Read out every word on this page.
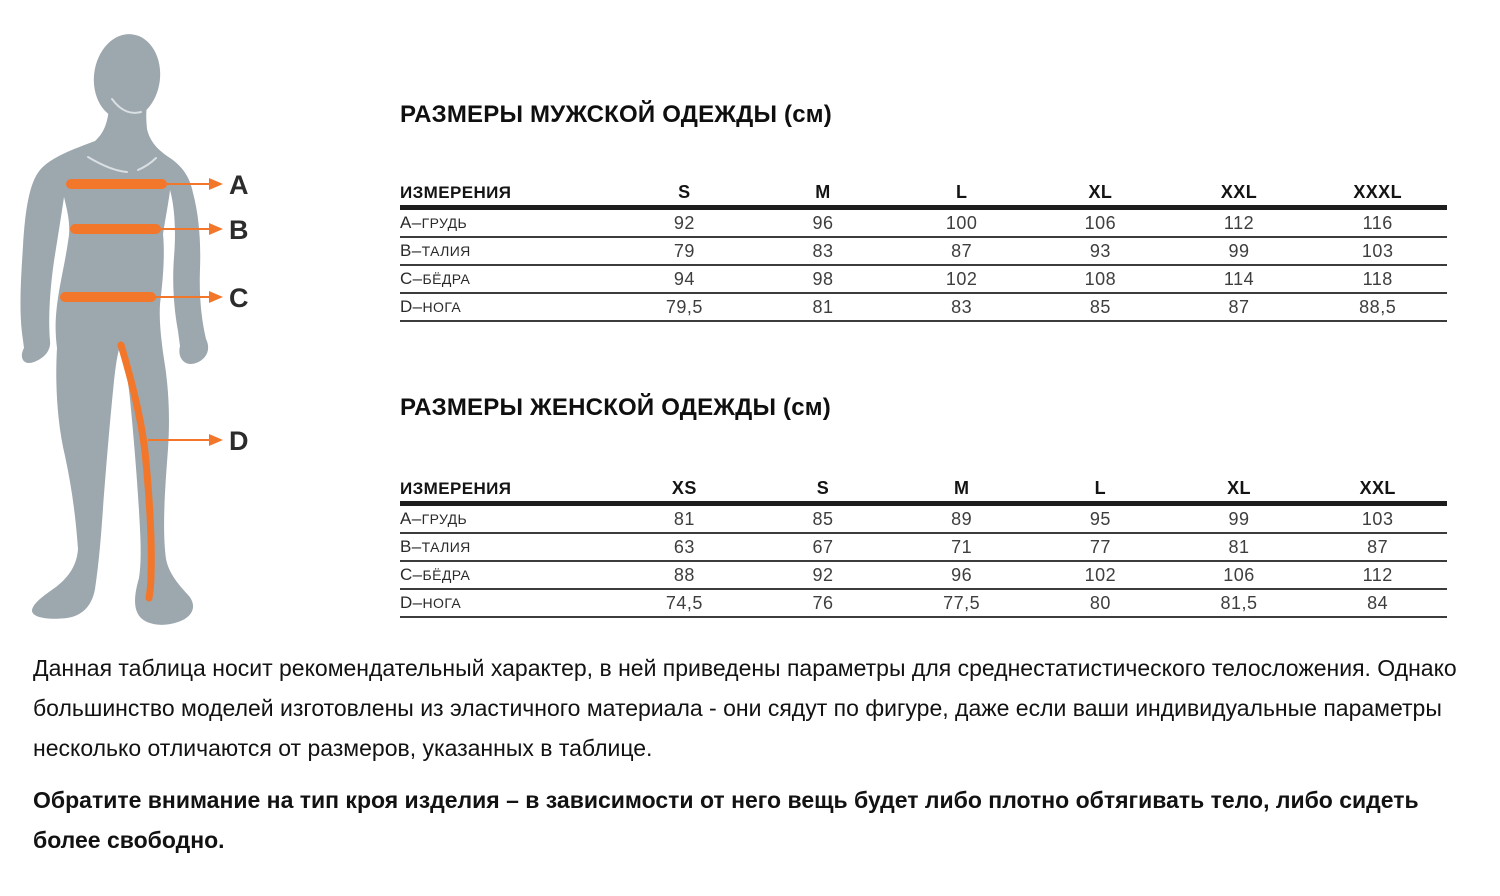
A
B
C
D
РАЗМЕРЫ МУЖСКОЙ ОДЕЖДЫ (см)
ИЗМЕРЕНИЯ	S	M	L	XL	XXL	XXXL
A–ГРУДЬ	92	96	100	106	112	116
B–ТАЛИЯ	79	83	87	93	99	103
C–БЁДРА	94	98	102	108	114	118
D–НОГА	79,5	81	83	85	87	88,5
РАЗМЕРЫ ЖЕНСКОЙ ОДЕЖДЫ (см)
ИЗМЕРЕНИЯ	XS	S	M	L	XL	XXL
A–ГРУДЬ	81	85	89	95	99	103
B–ТАЛИЯ	63	67	71	77	81	87
C–БЁДРА	88	92	96	102	106	112
D–НОГА	74,5	76	77,5	80	81,5	84

Данная таблица носит рекомендательный характер, в ней приведены параметры для среднестатистического телосложения. Однако большинство моделей изготовлены из эластичного материала - они сядут по фигуре, даже если ваши индивидуальные параметры несколько отличаются от размеров, указанных в таблице.

Обратите внимание на тип кроя изделия – в зависимости от него вещь будет либо плотно обтягивать тело, либо сидеть более свободно.
